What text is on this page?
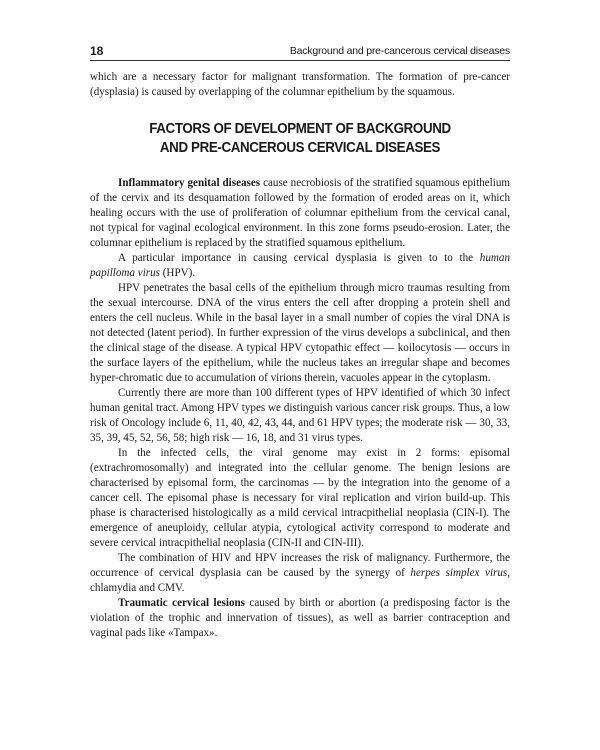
18	Background and pre-cancerous cervical diseases

which are a necessary factor for malignant transformation. The formation of pre-cancer (dysplasia) is caused by overlapping of the columnar epithelium by the squamous.

FACTORS OF DEVELOPMENT OF BACKGROUND
AND PRE-CANCEROUS CERVICAL DISEASES

Inflammatory genital diseases cause necrobiosis of the stratified squamous epithelium of the cervix and its desquamation followed by the formation of eroded areas on it, which healing occurs with the use of proliferation of columnar epithelium from the cervical canal, not typical for vaginal ecological environment. In this zone forms pseudo-erosion. Later, the columnar epithelium is replaced by the stratified squamous epithelium.

A particular importance in causing cervical dysplasia is given to to the human papilloma virus (HPV).

HPV penetrates the basal cells of the epithelium through micro traumas resulting from the sexual intercourse. DNA of the virus enters the cell after dropping a protein shell and enters the cell nucleus. While in the basal layer in a small number of copies the viral DNA is not detected (latent period). In further expression of the virus develops a subclinical, and then the clinical stage of the disease. A typical HPV cytopathic effect — koilocytosis — occurs in the surface layers of the epithelium, while the nucleus takes an irregular shape and becomes hyper-chromatic due to accumulation of virions therein, vacuoles appear in the cytoplasm.

Currently there are more than 100 different types of HPV identified of which 30 infect human genital tract. Among HPV types we distinguish various cancer risk groups. Thus, a low risk of Oncology include 6, 11, 40, 42, 43, 44, and 61 HPV types; the moderate risk — 30, 33, 35, 39, 45, 52, 56, 58; high risk — 16, 18, and 31 virus types.

In the infected cells, the viral genome may exist in 2 forms: episomal (extrachromosomally) and integrated into the cellular genome. The benign lesions are characterised by episomal form, the carcinomas — by the integration into the genome of a cancer cell. The episomal phase is necessary for viral replication and virion build-up. This phase is characterised histologically as a mild cervical intracpithelial neoplasia (CIN-I). The emergence of aneuploidy, cellular atypia, cytological activity correspond to moderate and severe cervical intracpithelial neoplasia (CIN-II and CIN-III).

The combination of HIV and HPV increases the risk of malignancy. Furthermore, the occurrence of cervical dysplasia can be caused by the synergy of herpes simplex virus, chlamydia and CMV.

Traumatic cervical lesions caused by birth or abortion (a predisposing factor is the violation of the trophic and innervation of tissues), as well as barrier contraception and vaginal pads like «Tampax».
